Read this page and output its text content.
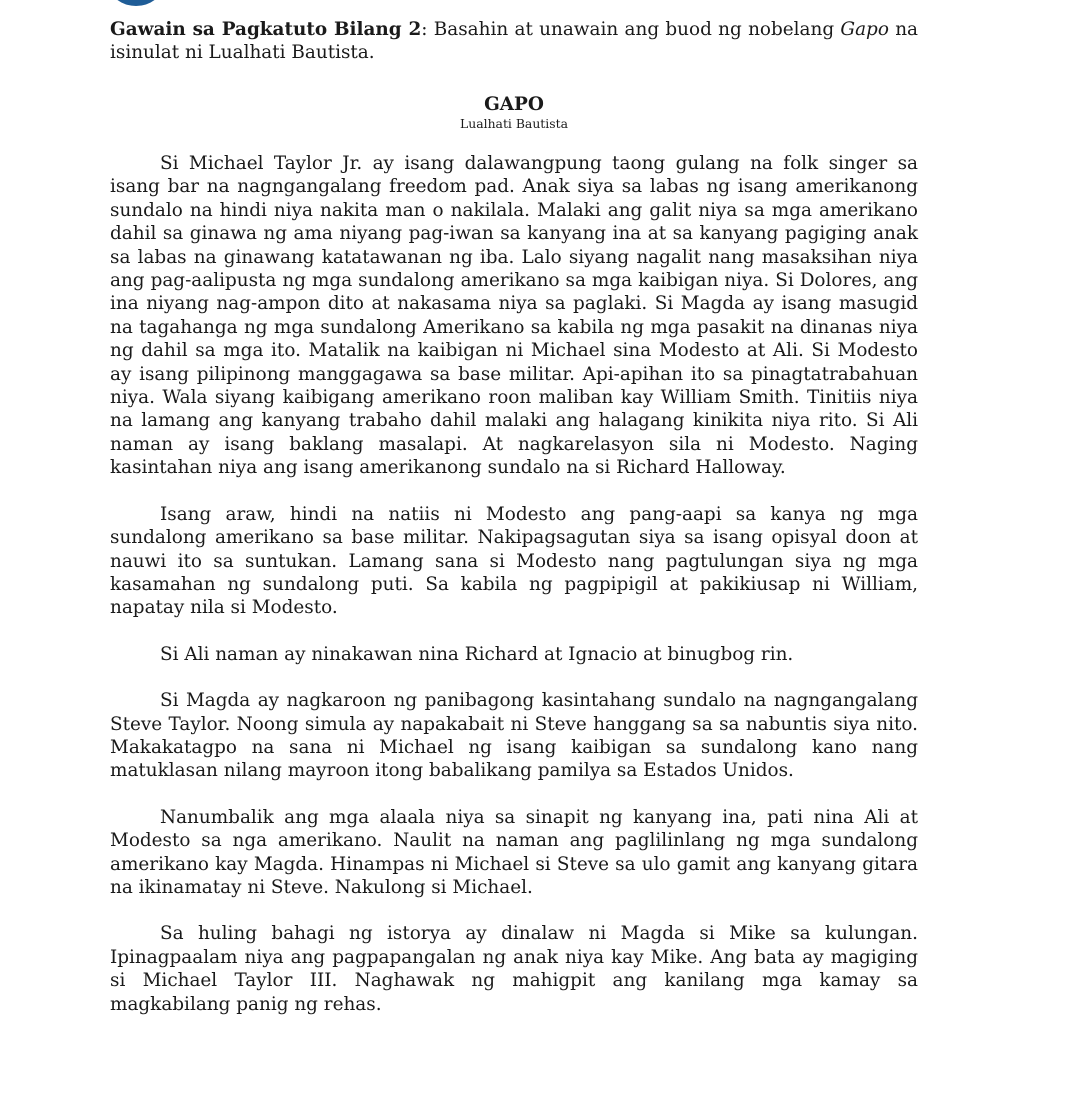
Gawain sa Pagkatuto Bilang 2: Basahin at unawain ang buod ng nobelang Gapo na isinulat ni Lualhati Bautista.

GAPO

Lualhati Bautista

Si Michael Taylor Jr. ay isang dalawangpung taong gulang na folk singer sa isang bar na nagngangalang freedom pad. Anak siya sa labas ng isang amerikanong sundalo na hindi niya nakita man o nakilala. Malaki ang galit niya sa mga amerikano dahil sa ginawa ng ama niyang pag-iwan sa kanyang ina at sa kanyang pagiging anak sa labas na ginawang katatawanan ng iba. Lalo siyang nagalit nang masaksihan niya ang pag-aalipusta ng mga sundalong amerikano sa mga kaibigan niya. Si Dolores, ang ina niyang nag-ampon dito at nakasama niya sa paglaki. Si Magda ay isang masugid na tagahanga ng mga sundalong Amerikano sa kabila ng mga pasakit na dinanas niya ng dahil sa mga ito. Matalik na kaibigan ni Michael sina Modesto at Ali. Si Modesto ay isang pilipinong manggagawa sa base militar. Api-apihan ito sa pinagtatrabahuan niya. Wala siyang kaibigang amerikano roon maliban kay William Smith. Tinitiis niya na lamang ang kanyang trabaho dahil malaki ang halagang kinikita niya rito. Si Ali naman ay isang baklang masalapi. At nagkarelasyon sila ni Modesto. Naging kasintahan niya ang isang amerikanong sundalo na si Richard Halloway.

Isang araw, hindi na natiis ni Modesto ang pang-aapi sa kanya ng mga sundalong amerikano sa base militar. Nakipagsagutan siya sa isang opisyal doon at nauwi ito sa suntukan. Lamang sana si Modesto nang pagtulungan siya ng mga kasamahan ng sundalong puti. Sa kabila ng pagpipigil at pakikiusap ni William, napatay nila si Modesto.

Si Ali naman ay ninakawan nina Richard at Ignacio at binugbog rin.

Si Magda ay nagkaroon ng panibagong kasintahang sundalo na nagngangalang Steve Taylor. Noong simula ay napakabait ni Steve hanggang sa sa nabuntis siya nito. Makakatagpo na sana ni Michael ng isang kaibigan sa sundalong kano nang matuklasan nilang mayroon itong babalikang pamilya sa Estados Unidos.

Nanumbalik ang mga alaala niya sa sinapit ng kanyang ina, pati nina Ali at Modesto sa nga amerikano. Naulit na naman ang paglilinlang ng mga sundalong amerikano kay Magda. Hinampas ni Michael si Steve sa ulo gamit ang kanyang gitara na ikinamatay ni Steve. Nakulong si Michael.

Sa huling bahagi ng istorya ay dinalaw ni Magda si Mike sa kulungan. Ipinagpaalam niya ang pagpapangalan ng anak niya kay Mike. Ang bata ay magiging si Michael Taylor III. Naghawak ng mahigpit ang kanilang mga kamay sa magkabilang panig ng rehas.
